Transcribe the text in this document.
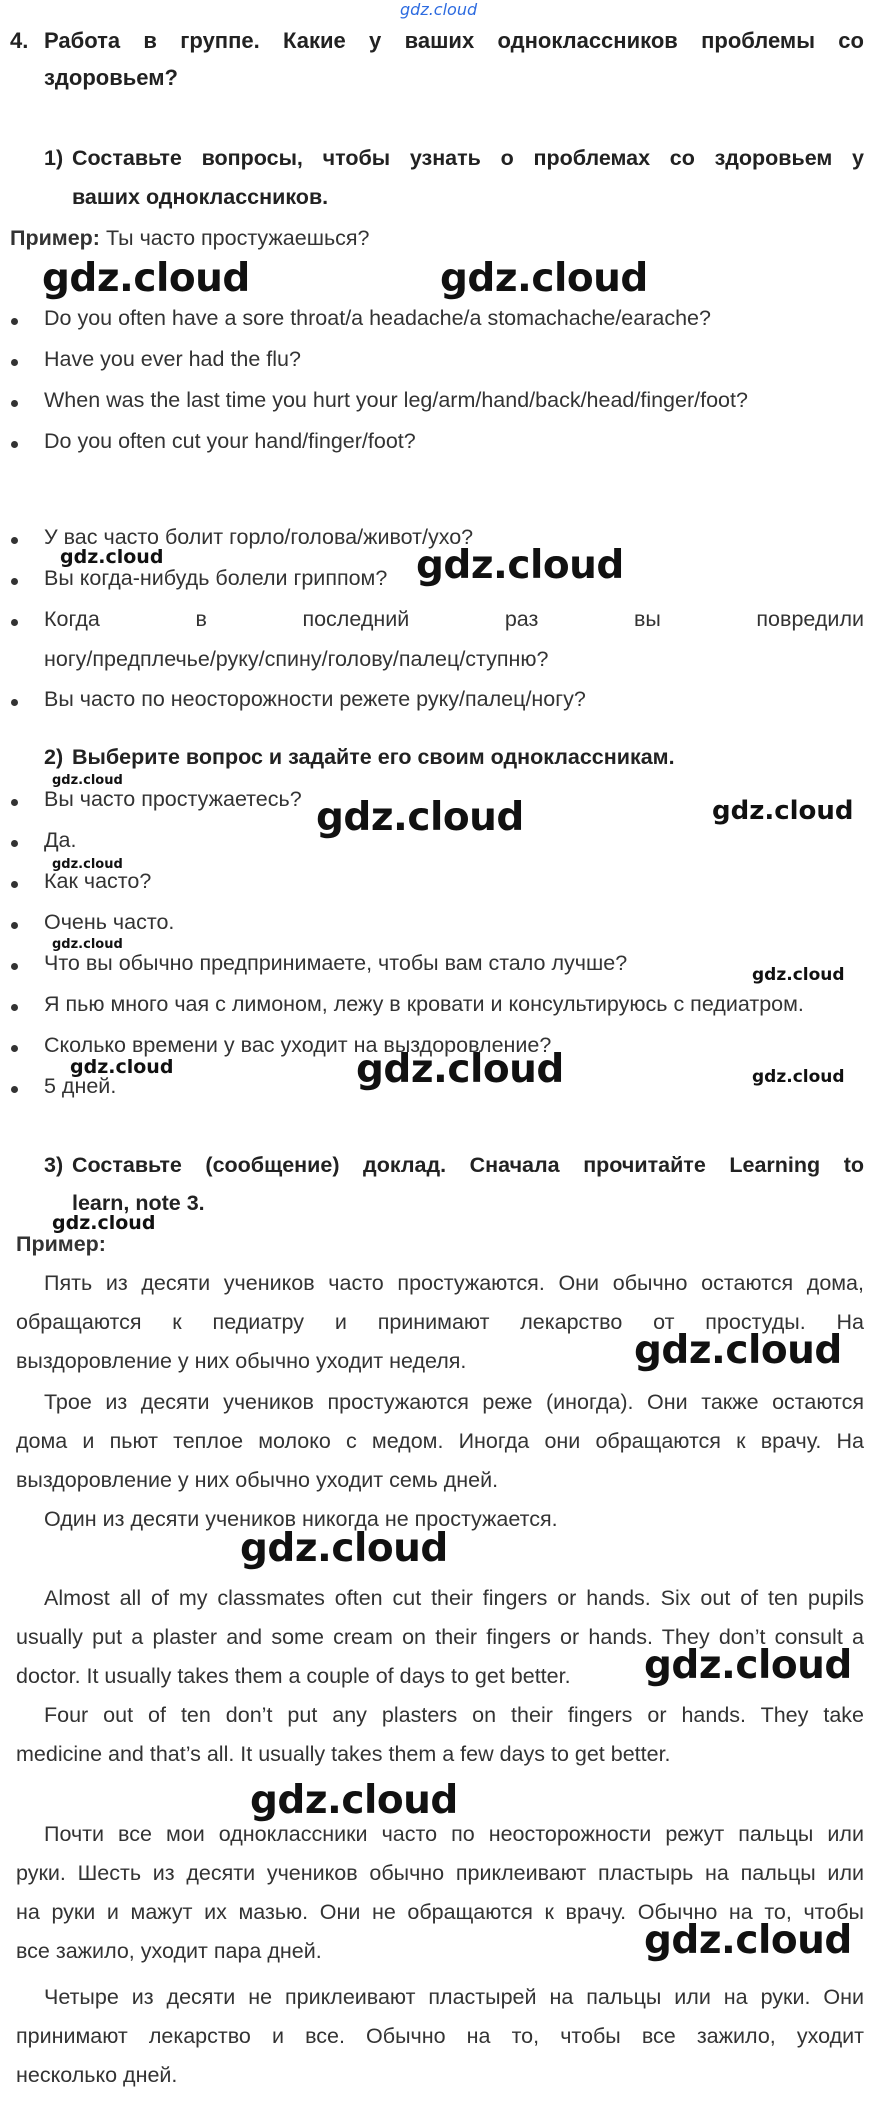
gdz.cloud
4. Работа в группе. Какие у ваших одноклассников проблемы со
здоровьем?
1) Составьте вопросы, чтобы узнать о проблемах со здоровьем у
ваших одноклассников.
Пример: Ты часто простужаешься?
gdz.cloud	gdz.cloud
Do you often have a sore throat/a headache/a stomachache/earache?
Have you ever had the flu?
When was the last time you hurt your leg/arm/hand/back/head/finger/foot?
Do you often cut your hand/finger/foot?
У вас часто болит горло/голова/живот/ухо?
gdz.cloud	gdz.cloud
Вы когда-нибудь болели гриппом?
Когда в последний раз вы повредили
ногу/предплечье/руку/спину/голову/палец/ступню?
Вы часто по неосторожности режете руку/палец/ногу?
2) Выберите вопрос и задайте его своим одноклассникам.
gdz.cloud
Вы часто простужаетесь? gdz.cloud	gdz.cloud
Да.
gdz.cloud
Как часто?
Очень часто.
gdz.cloud
Что вы обычно предпринимаете, чтобы вам стало лучше?	gdz.cloud
Я пью много чая с лимоном, лежу в кровати и консультируюсь с педиатром.
Сколько времени у вас уходит на выздоровление?
gdz.cloud
5 дней.	gdz.cloud	gdz.cloud
3) Составьте (сообщение) доклад. Сначала прочитайте Learning to
learn, note 3.
gdz.cloud
Пример:
Пять из десяти учеников часто простужаются. Они обычно остаются дома,
обращаются к педиатру и принимают лекарство от простуды. На
выздоровление у них обычно уходит неделя.	gdz.cloud
Трое из десяти учеников простужаются реже (иногда). Они также остаются
дома и пьют теплое молоко с медом. Иногда они обращаются к врачу. На
выздоровление у них обычно уходит семь дней.
Один из десяти учеников никогда не простужается.
gdz.cloud
Almost all of my classmates often cut their fingers or hands. Six out of ten pupils
usually put a plaster and some cream on their fingers or hands. They don’t consult a
doctor. It usually takes them a couple of days to get better. gdz.cloud
Four out of ten don’t put any plasters on their fingers or hands. They take
medicine and that’s all. It usually takes them a few days to get better.
gdz.cloud
Почти все мои одноклассники часто по неосторожности режут пальцы или
руки. Шесть из десяти учеников обычно приклеивают пластырь на пальцы или
на руки и мажут их мазью. Они не обращаются к врачу. Обычно на то, чтобы
все зажило, уходит пара дней.	gdz.cloud
Четыре из десяти не приклеивают пластырей на пальцы или на руки. Они
принимают лекарство и все. Обычно на то, чтобы все зажило, уходит
несколько дней.
